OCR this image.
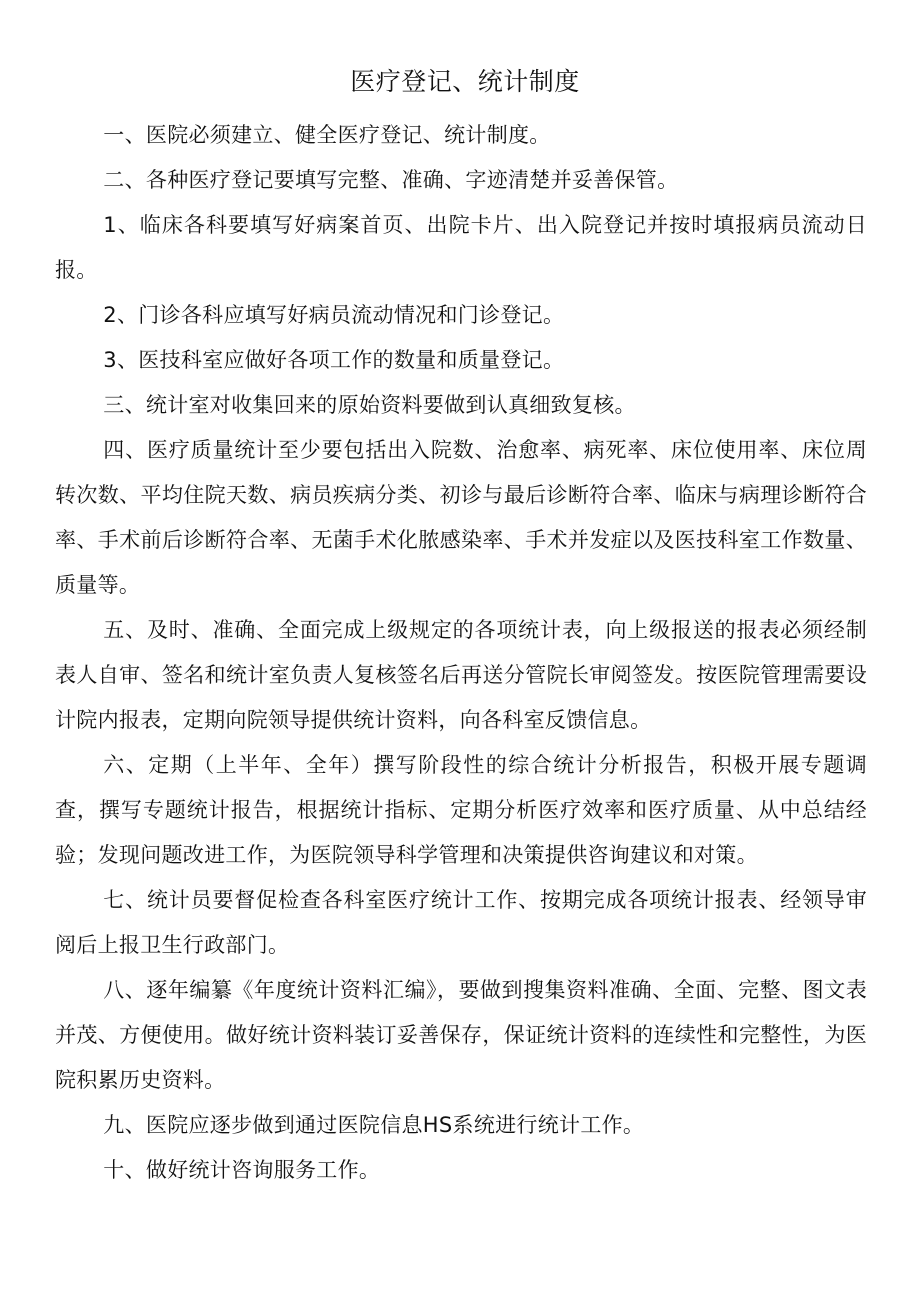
医疗登记、统计制度

一、医院必须建立、健全医疗登记、统计制度。

二、各种医疗登记要填写完整、准确、字迹清楚并妥善保管。

1、临床各科要填写好病案首页、出院卡片、出入院登记并按时填报病员流动日报。

2、门诊各科应填写好病员流动情况和门诊登记。

3、医技科室应做好各项工作的数量和质量登记。

三、统计室对收集回来的原始资料要做到认真细致复核。

四、医疗质量统计至少要包括出入院数、治愈率、病死率、床位使用率、床位周转次数、平均住院天数、病员疾病分类、初诊与最后诊断符合率、临床与病理诊断符合率、手术前后诊断符合率、无菌手术化脓感染率、手术并发症以及医技科室工作数量、质量等。

五、及时、准确、全面完成上级规定的各项统计表，向上级报送的报表必须经制表人自审、签名和统计室负责人复核签名后再送分管院长审阅签发。按医院管理需要设计院内报表，定期向院领导提供统计资料，向各科室反馈信息。

六、定期（上半年、全年）撰写阶段性的综合统计分析报告，积极开展专题调查，撰写专题统计报告，根据统计指标、定期分析医疗效率和医疗质量、从中总结经验；发现问题改进工作，为医院领导科学管理和决策提供咨询建议和对策。

七、统计员要督促检查各科室医疗统计工作、按期完成各项统计报表、经领导审阅后上报卫生行政部门。

八、逐年编纂《年度统计资料汇编》，要做到搜集资料准确、全面、完整、图文表并茂、方便使用。做好统计资料装订妥善保存，保证统计资料的连续性和完整性，为医院积累历史资料。

九、医院应逐步做到通过医院信息HS系统进行统计工作。

十、做好统计咨询服务工作。
